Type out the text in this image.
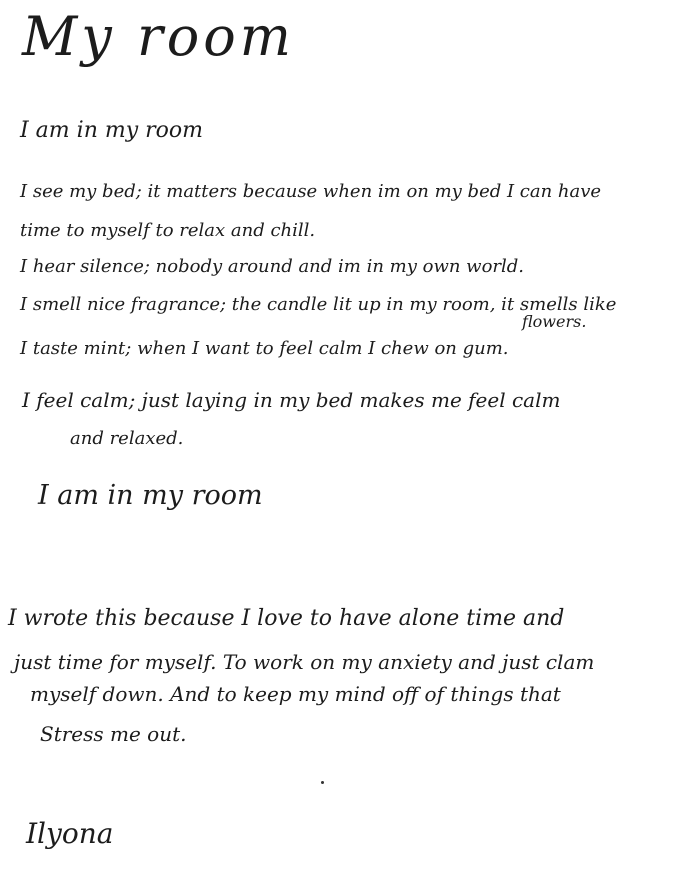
My room
I am in my room
I see my bed; it matters because when im on my bed I can have
time to myself to relax and chill.
I hear silence; nobody around and im in my own world.
I smell nice fragrance; the candle lit up in my room, it smells like
flowers.
I taste mint; when I want to feel calm I chew on gum.
I feel calm; just laying in my bed makes me feel calm
and relaxed.
I am in my room
I wrote this because I love to have alone time and
just time for myself. To work on my anxiety and just clam
myself down. And to keep my mind off of things that
Stress me out.
Ilyona
